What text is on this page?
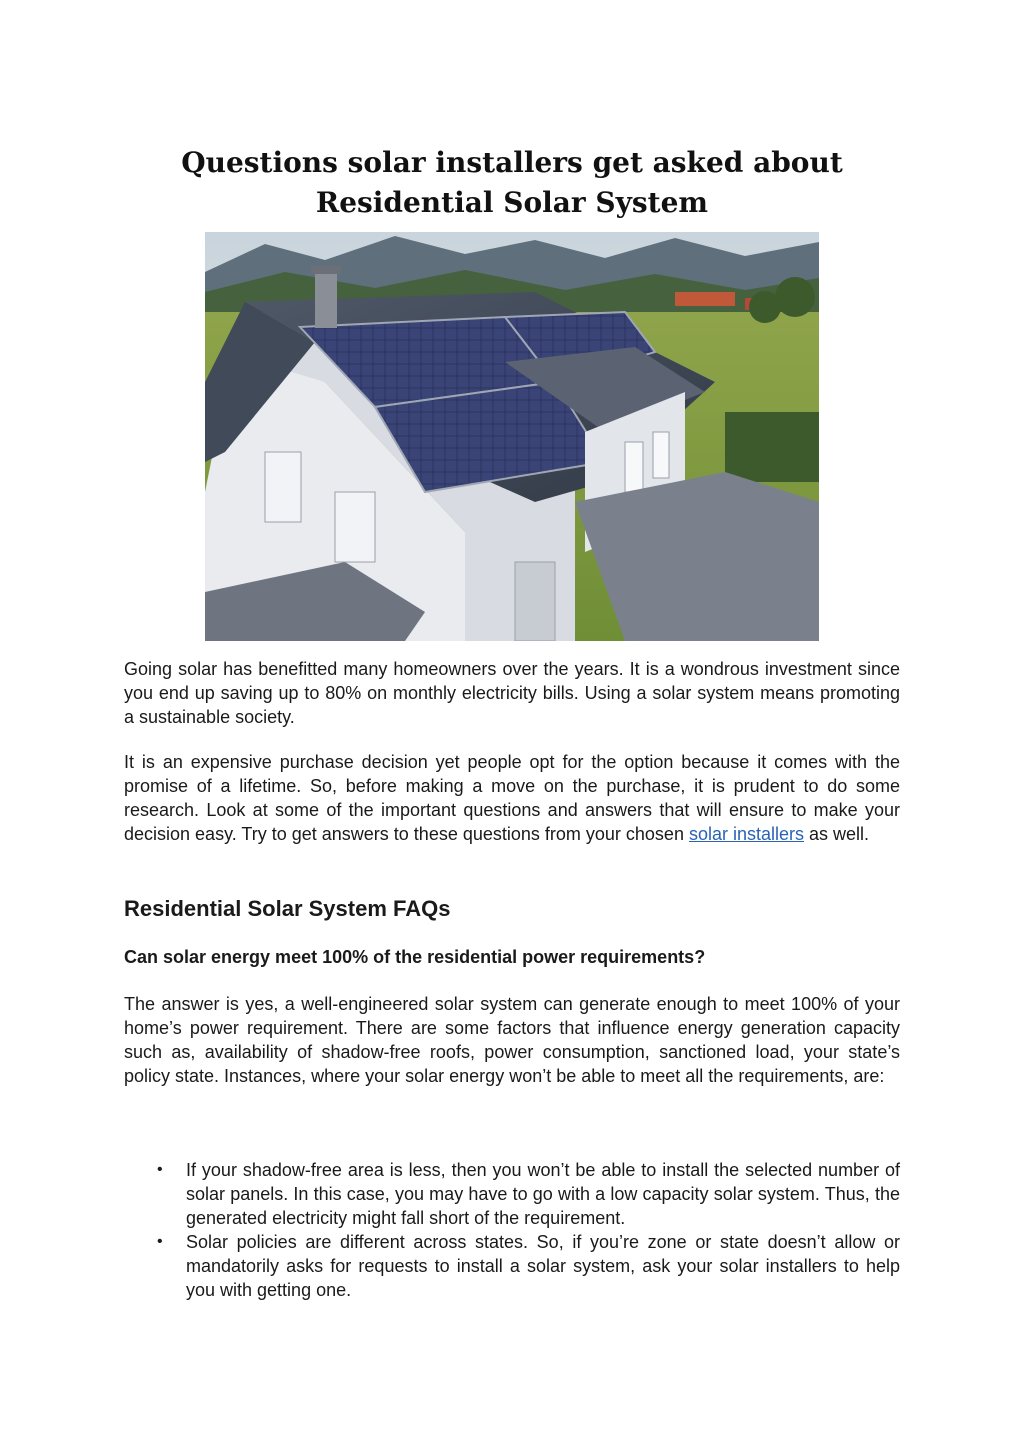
Questions solar installers get asked about
Residential Solar System

Going solar has benefitted many homeowners over the years. It is a wondrous investment since you end up saving up to 80% on monthly electricity bills. Using a solar system means promoting a sustainable society.

It is an expensive purchase decision yet people opt for the option because it comes with the promise of a lifetime. So, before making a move on the purchase, it is prudent to do some research. Look at some of the important questions and answers that will ensure to make your decision easy. Try to get answers to these questions from your chosen solar installers as well.

Residential Solar System FAQs

Can solar energy meet 100% of the residential power requirements?

The answer is yes, a well-engineered solar system can generate enough to meet 100% of your home’s power requirement. There are some factors that influence energy generation capacity such as, availability of shadow-free roofs, power consumption, sanctioned load, your state’s policy state. Instances, where your solar energy won’t be able to meet all the requirements, are:

• If your shadow-free area is less, then you won’t be able to install the selected number of solar panels. In this case, you may have to go with a low capacity solar system. Thus, the generated electricity might fall short of the requirement.
• Solar policies are different across states. So, if you’re zone or state doesn’t allow or mandatorily asks for requests to install a solar system, ask your solar installers to help you with getting one.
